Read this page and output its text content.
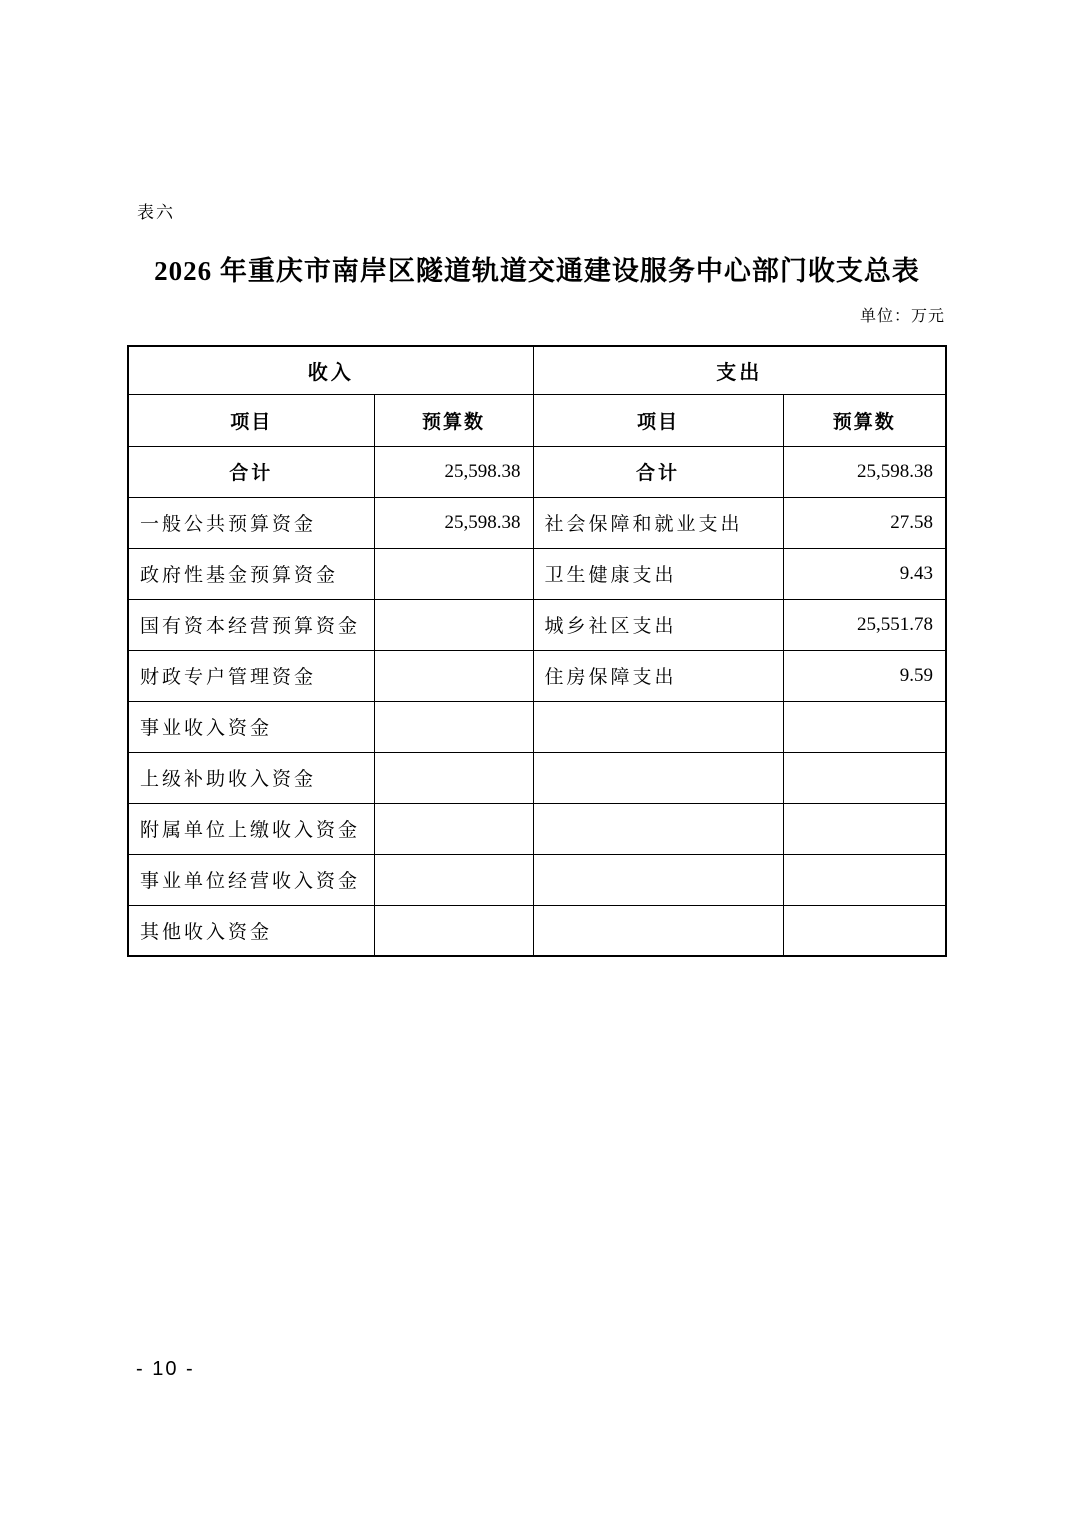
表六
2026 年重庆市南岸区隧道轨道交通建设服务中心部门收支总表
单位：万元
收入		支出	
项目	预算数	项目	预算数
合计	25,598.38	合计	25,598.38
一般公共预算资金	25,598.38	社会保障和就业支出	27.58
政府性基金预算资金		卫生健康支出	9.43
国有资本经营预算资金		城乡社区支出	25,551.78
财政专户管理资金		住房保障支出	9.59
事业收入资金			
上级补助收入资金			
附属单位上缴收入资金			
事业单位经营收入资金			
其他收入资金			
- 10 -
